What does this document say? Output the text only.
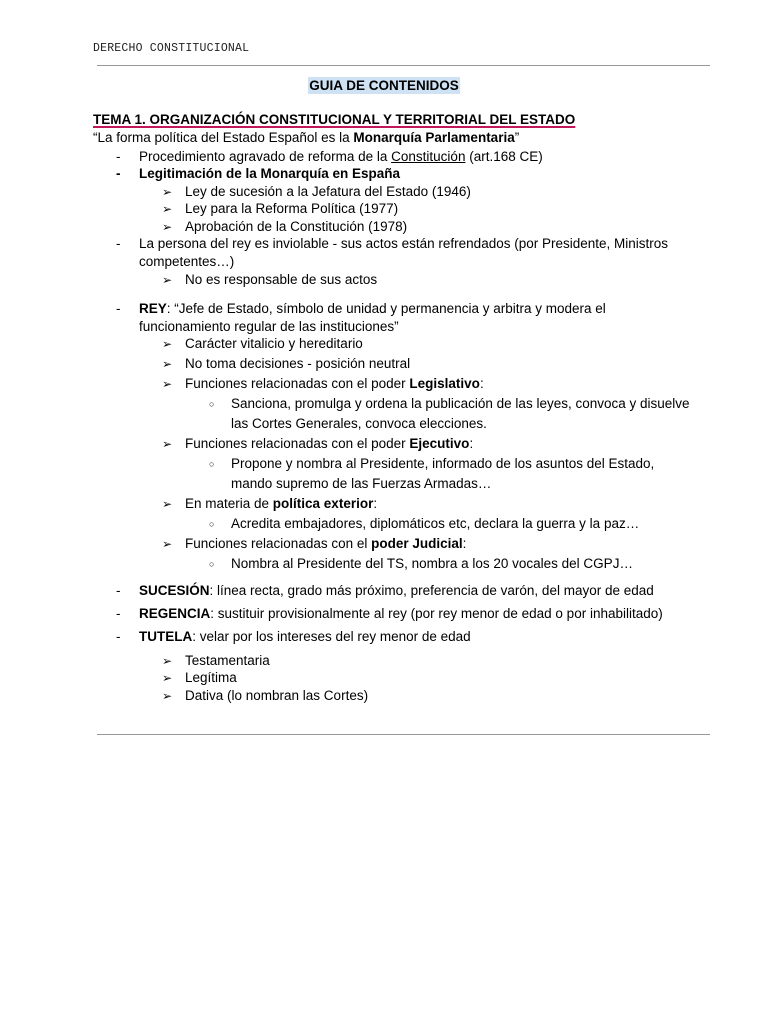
DERECHO CONSTITUCIONAL
GUIA DE CONTENIDOS
TEMA 1. ORGANIZACIÓN CONSTITUCIONAL Y TERRITORIAL DEL ESTADO
“La forma política del Estado Español es la Monarquía Parlamentaria”
- Procedimiento agravado de reforma de la Constitución (art.168 CE)
- Legitimación de la Monarquía en España
➢ Ley de sucesión a la Jefatura del Estado (1946)
➢ Ley para la Reforma Política (1977)
➢ Aprobación de la Constitución (1978)
- La persona del rey es inviolable - sus actos están refrendados (por Presidente, Ministros
competentes…)
➢ No es responsable de sus actos
- REY: “Jefe de Estado, símbolo de unidad y permanencia y arbitra y modera el
funcionamiento regular de las instituciones”
➢ Carácter vitalicio y hereditario
➢ No toma decisiones - posición neutral
➢ Funciones relacionadas con el poder Legislativo:
○ Sanciona, promulga y ordena la publicación de las leyes, convoca y disuelve
las Cortes Generales, convoca elecciones.
➢ Funciones relacionadas con el poder Ejecutivo:
○ Propone y nombra al Presidente, informado de los asuntos del Estado,
mando supremo de las Fuerzas Armadas…
➢ En materia de política exterior:
○ Acredita embajadores, diplomáticos etc, declara la guerra y la paz…
➢ Funciones relacionadas con el poder Judicial:
○ Nombra al Presidente del TS, nombra a los 20 vocales del CGPJ…
- SUCESIÓN: línea recta, grado más próximo, preferencia de varón, del mayor de edad
- REGENCIA: sustituir provisionalmente al rey (por rey menor de edad o por inhabilitado)
- TUTELA: velar por los intereses del rey menor de edad
➢ Testamentaria
➢ Legítima
➢ Dativa (lo nombran las Cortes)
